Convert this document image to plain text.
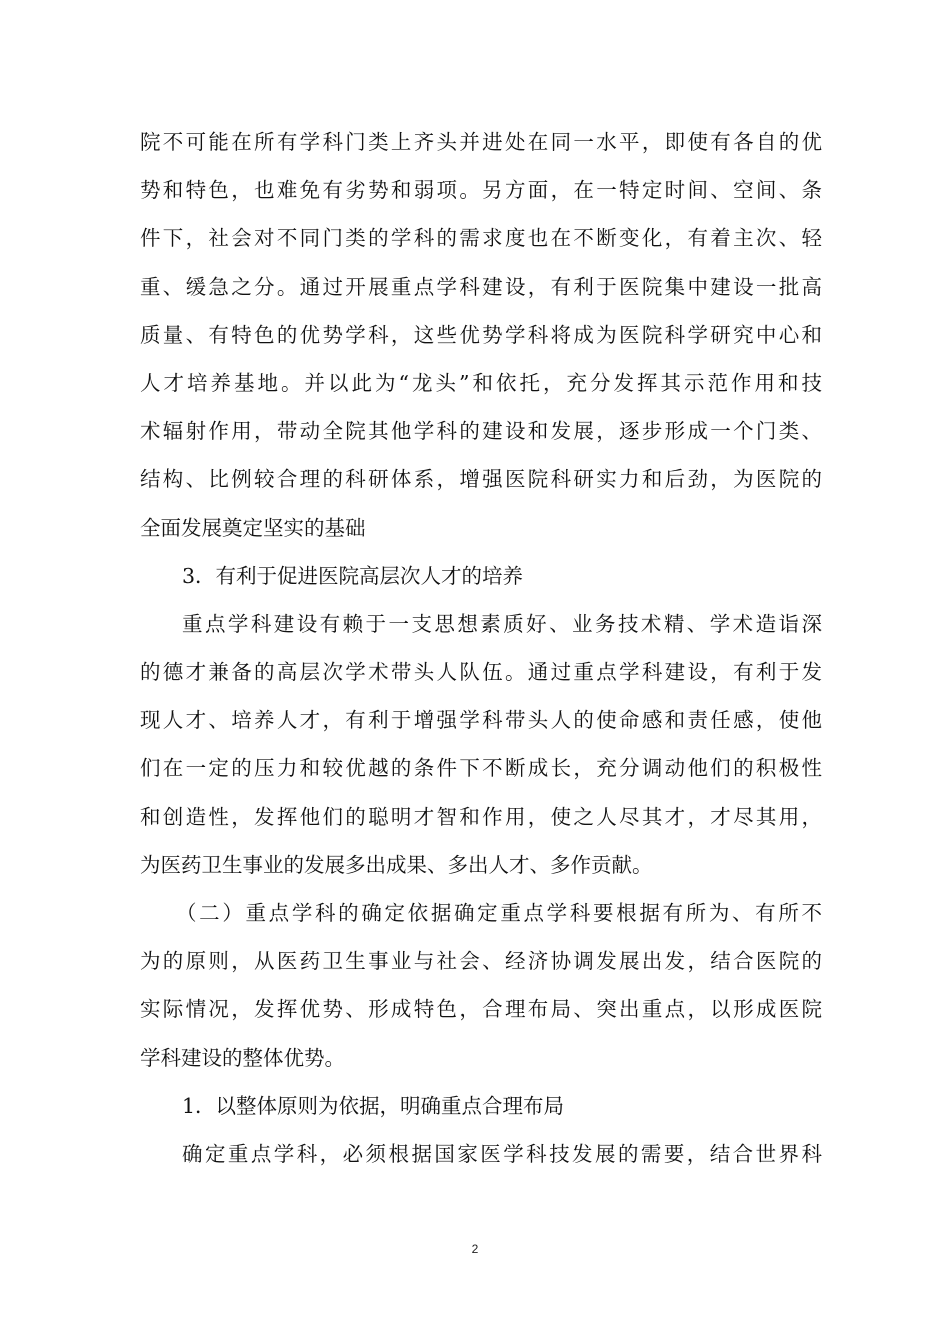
院不可能在所有学科门类上齐头并进处在同一水平，即使有各自的优
势和特色，也难免有劣势和弱项。另方面，在一特定时间、空间、条
件下，社会对不同门类的学科的需求度也在不断变化，有着主次、轻
重、缓急之分。通过开展重点学科建设，有利于医院集中建设一批高
质量、有特色的优势学科，这些优势学科将成为医院科学研究中心和
人才培养基地。并以此为“龙头”和依托，充分发挥其示范作用和技
术辐射作用，带动全院其他学科的建设和发展，逐步形成一个门类、
结构、比例较合理的科研体系，增强医院科研实力和后劲，为医院的
全面发展奠定坚实的基础
3．有利于促进医院高层次人才的培养
重点学科建设有赖于一支思想素质好、业务技术精、学术造诣深
的德才兼备的高层次学术带头人队伍。通过重点学科建设，有利于发
现人才、培养人才，有利于增强学科带头人的使命感和责任感，使他
们在一定的压力和较优越的条件下不断成长，充分调动他们的积极性
和创造性，发挥他们的聪明才智和作用，使之人尽其才，才尽其用，
为医药卫生事业的发展多出成果、多出人才、多作贡献。
（二）重点学科的确定依据确定重点学科要根据有所为、有所不
为的原则，从医药卫生事业与社会、经济协调发展出发，结合医院的
实际情况，发挥优势、形成特色，合理布局、突出重点，以形成医院
学科建设的整体优势。
1．以整体原则为依据，明确重点合理布局
确定重点学科，必须根据国家医学科技发展的需要，结合世界科
2
